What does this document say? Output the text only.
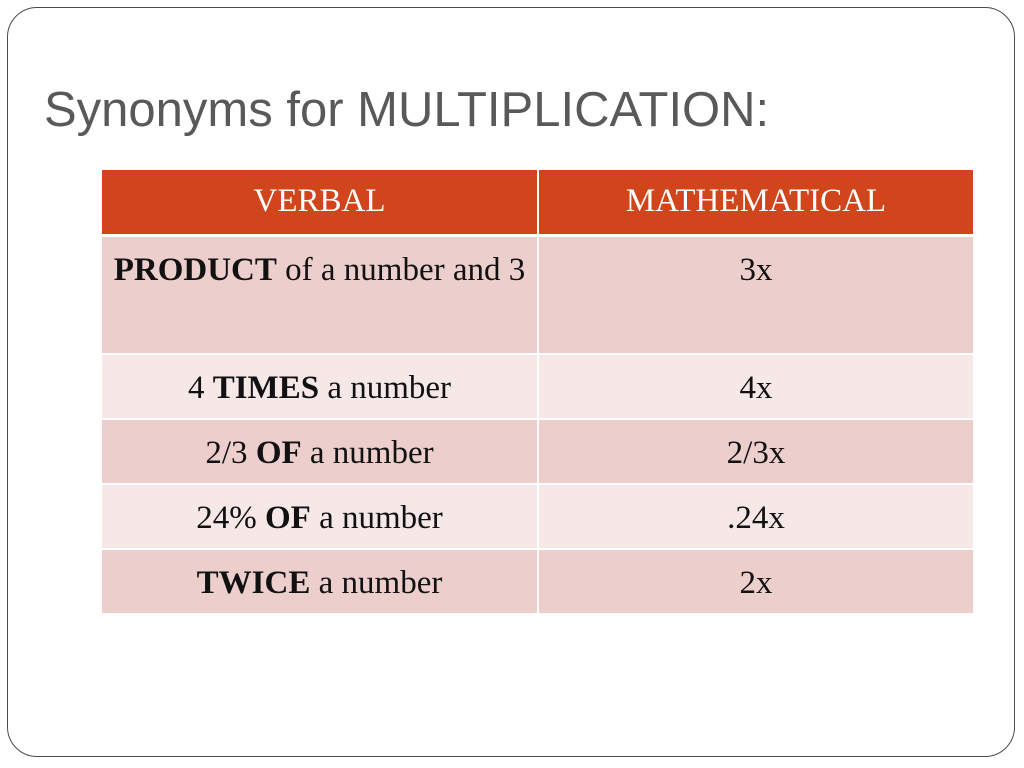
Synonyms for MULTIPLICATION:
VERBAL	MATHEMATICAL
PRODUCT of a number and 3	3x
4 TIMES a number	4x
2/3 OF a number	2/3x
24% OF a number	.24x
TWICE a number	2x
